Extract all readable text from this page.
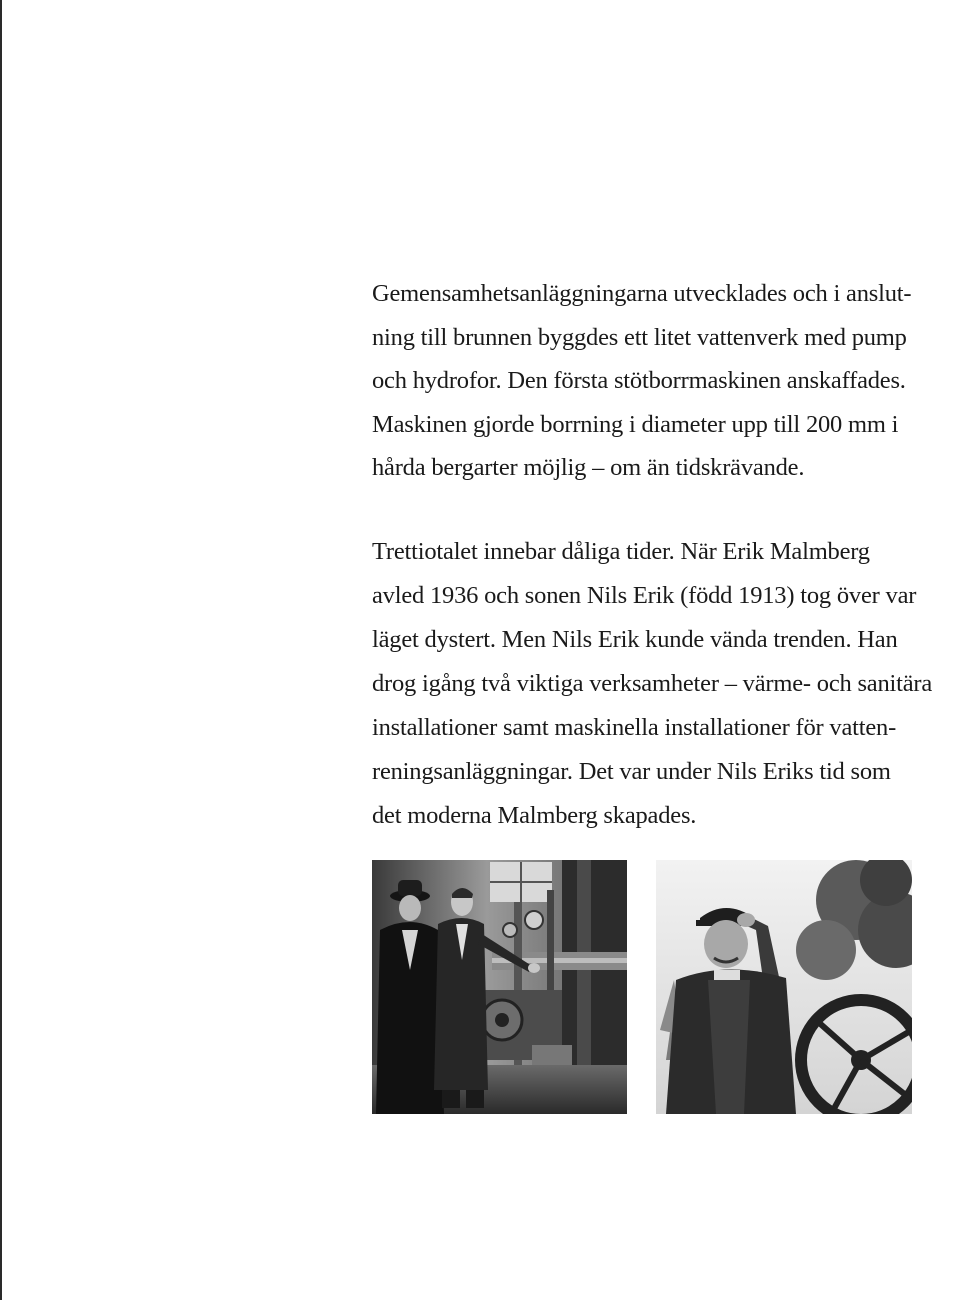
Gemensamhetsanläggningarna utvecklades och i anslut-
ning till brunnen byggdes ett litet vattenverk med pump
och hydrofor. Den första stötborrmaskinen anskaffades.
Maskinen gjorde borrning i diameter upp till 200 mm i
hårda bergarter möjlig – om än tidskrävande.
Trettiotalet innebar dåliga tider. När Erik Malmberg
avled 1936 och sonen Nils Erik (född 1913) tog över var
läget dystert. Men Nils Erik kunde vända trenden. Han
drog igång två viktiga verksamheter – värme- och sanitära
installationer samt maskinella installationer för vatten-
reningsanläggningar. Det var under Nils Eriks tid som
det moderna Malmberg skapades.
